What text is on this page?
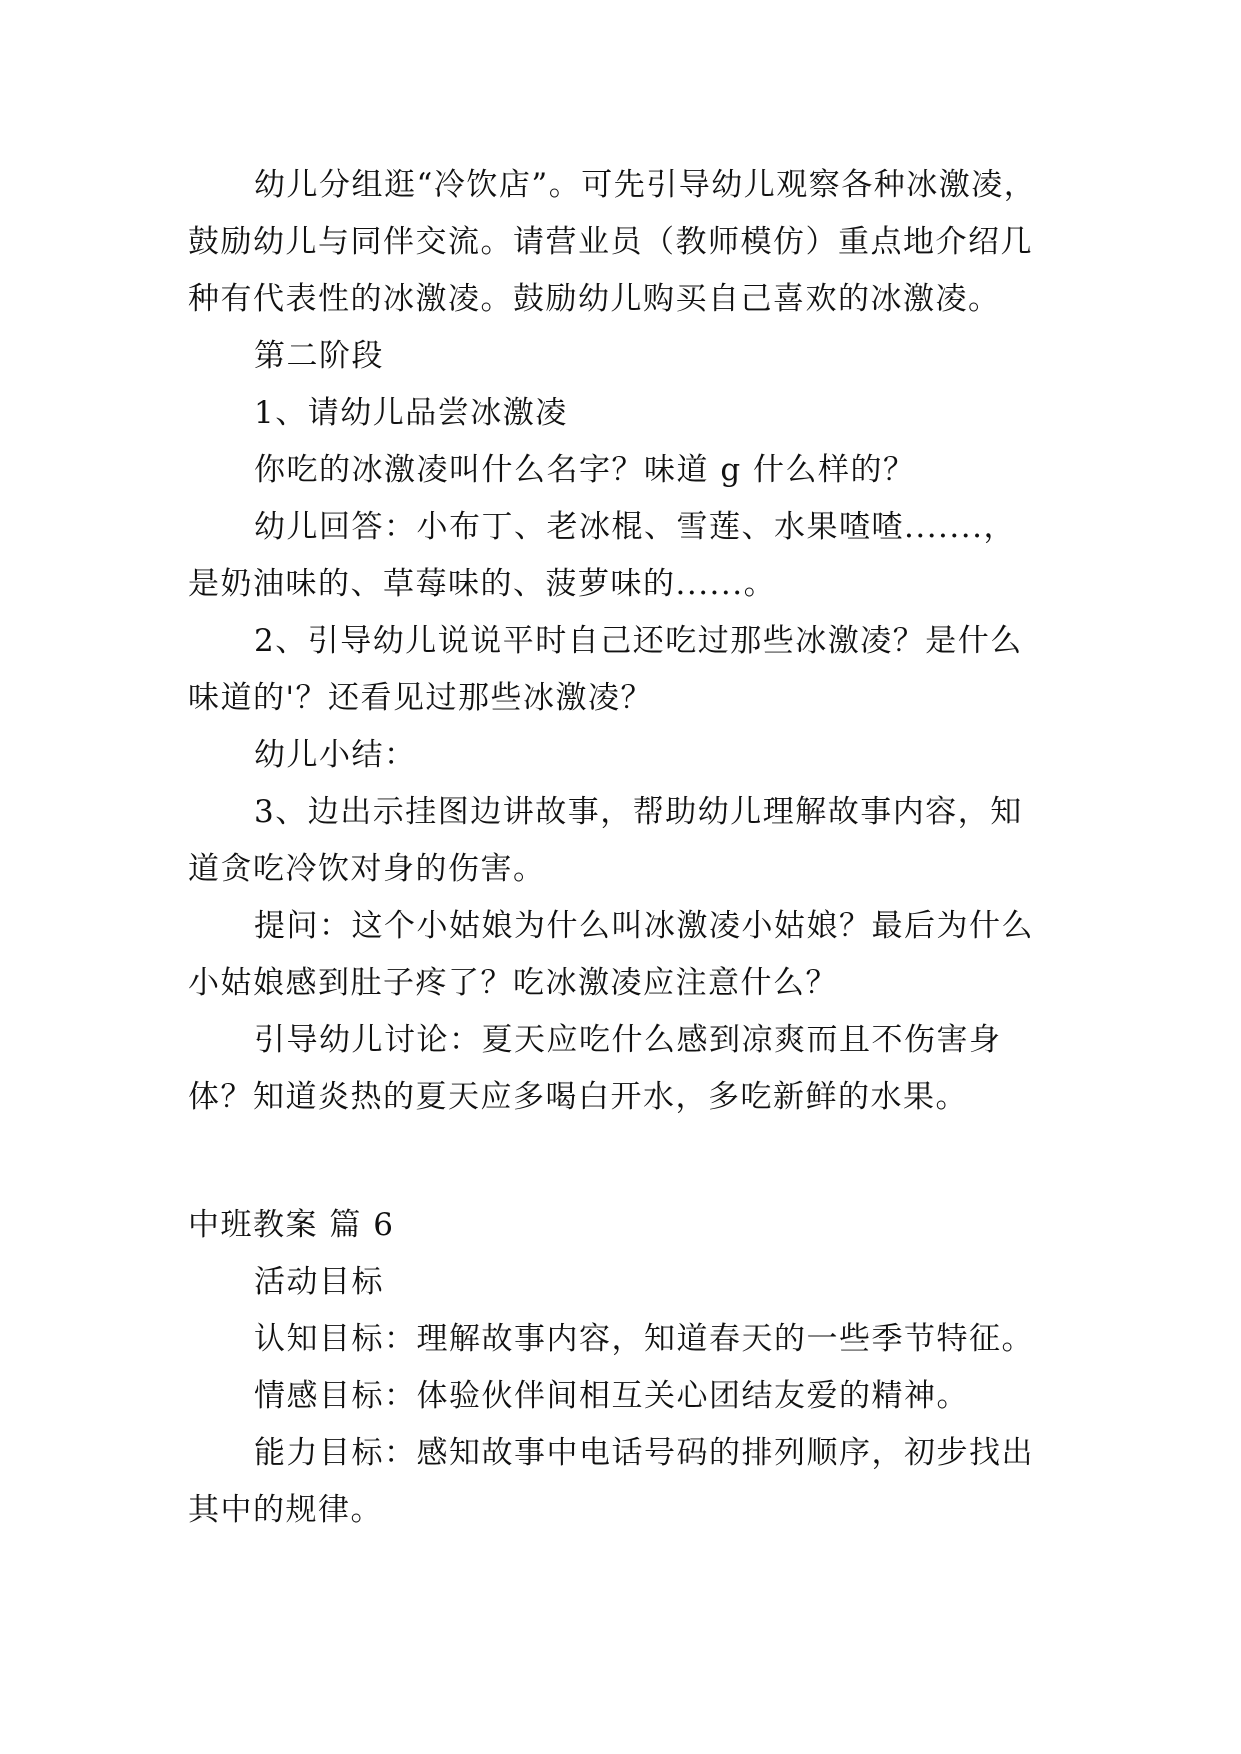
幼儿分组逛“冷饮店”。可先引导幼儿观察各种冰激凌，
鼓励幼儿与同伴交流。请营业员（教师模仿）重点地介绍几
种有代表性的冰激凌。鼓励幼儿购买自己喜欢的冰激凌。
第二阶段
1、请幼儿品尝冰激凌
你吃的冰激凌叫什么名字？味道 g 什么样的？
幼儿回答：小布丁、老冰棍、雪莲、水果喳喳.......，
是奶油味的、草莓味的、菠萝味的......。
2、引导幼儿说说平时自己还吃过那些冰激凌？是什么
味道的'？还看见过那些冰激凌？
幼儿小结：
3、边出示挂图边讲故事，帮助幼儿理解故事内容，知
道贪吃冷饮对身的伤害。
提问：这个小姑娘为什么叫冰激凌小姑娘？最后为什么
小姑娘感到肚子疼了？吃冰激凌应注意什么？
引导幼儿讨论：夏天应吃什么感到凉爽而且不伤害身
体？知道炎热的夏天应多喝白开水，多吃新鲜的水果。
中班教案 篇 6
活动目标
认知目标：理解故事内容，知道春天的一些季节特征。
情感目标：体验伙伴间相互关心团结友爱的精神。
能力目标：感知故事中电话号码的排列顺序，初步找出
其中的规律。
